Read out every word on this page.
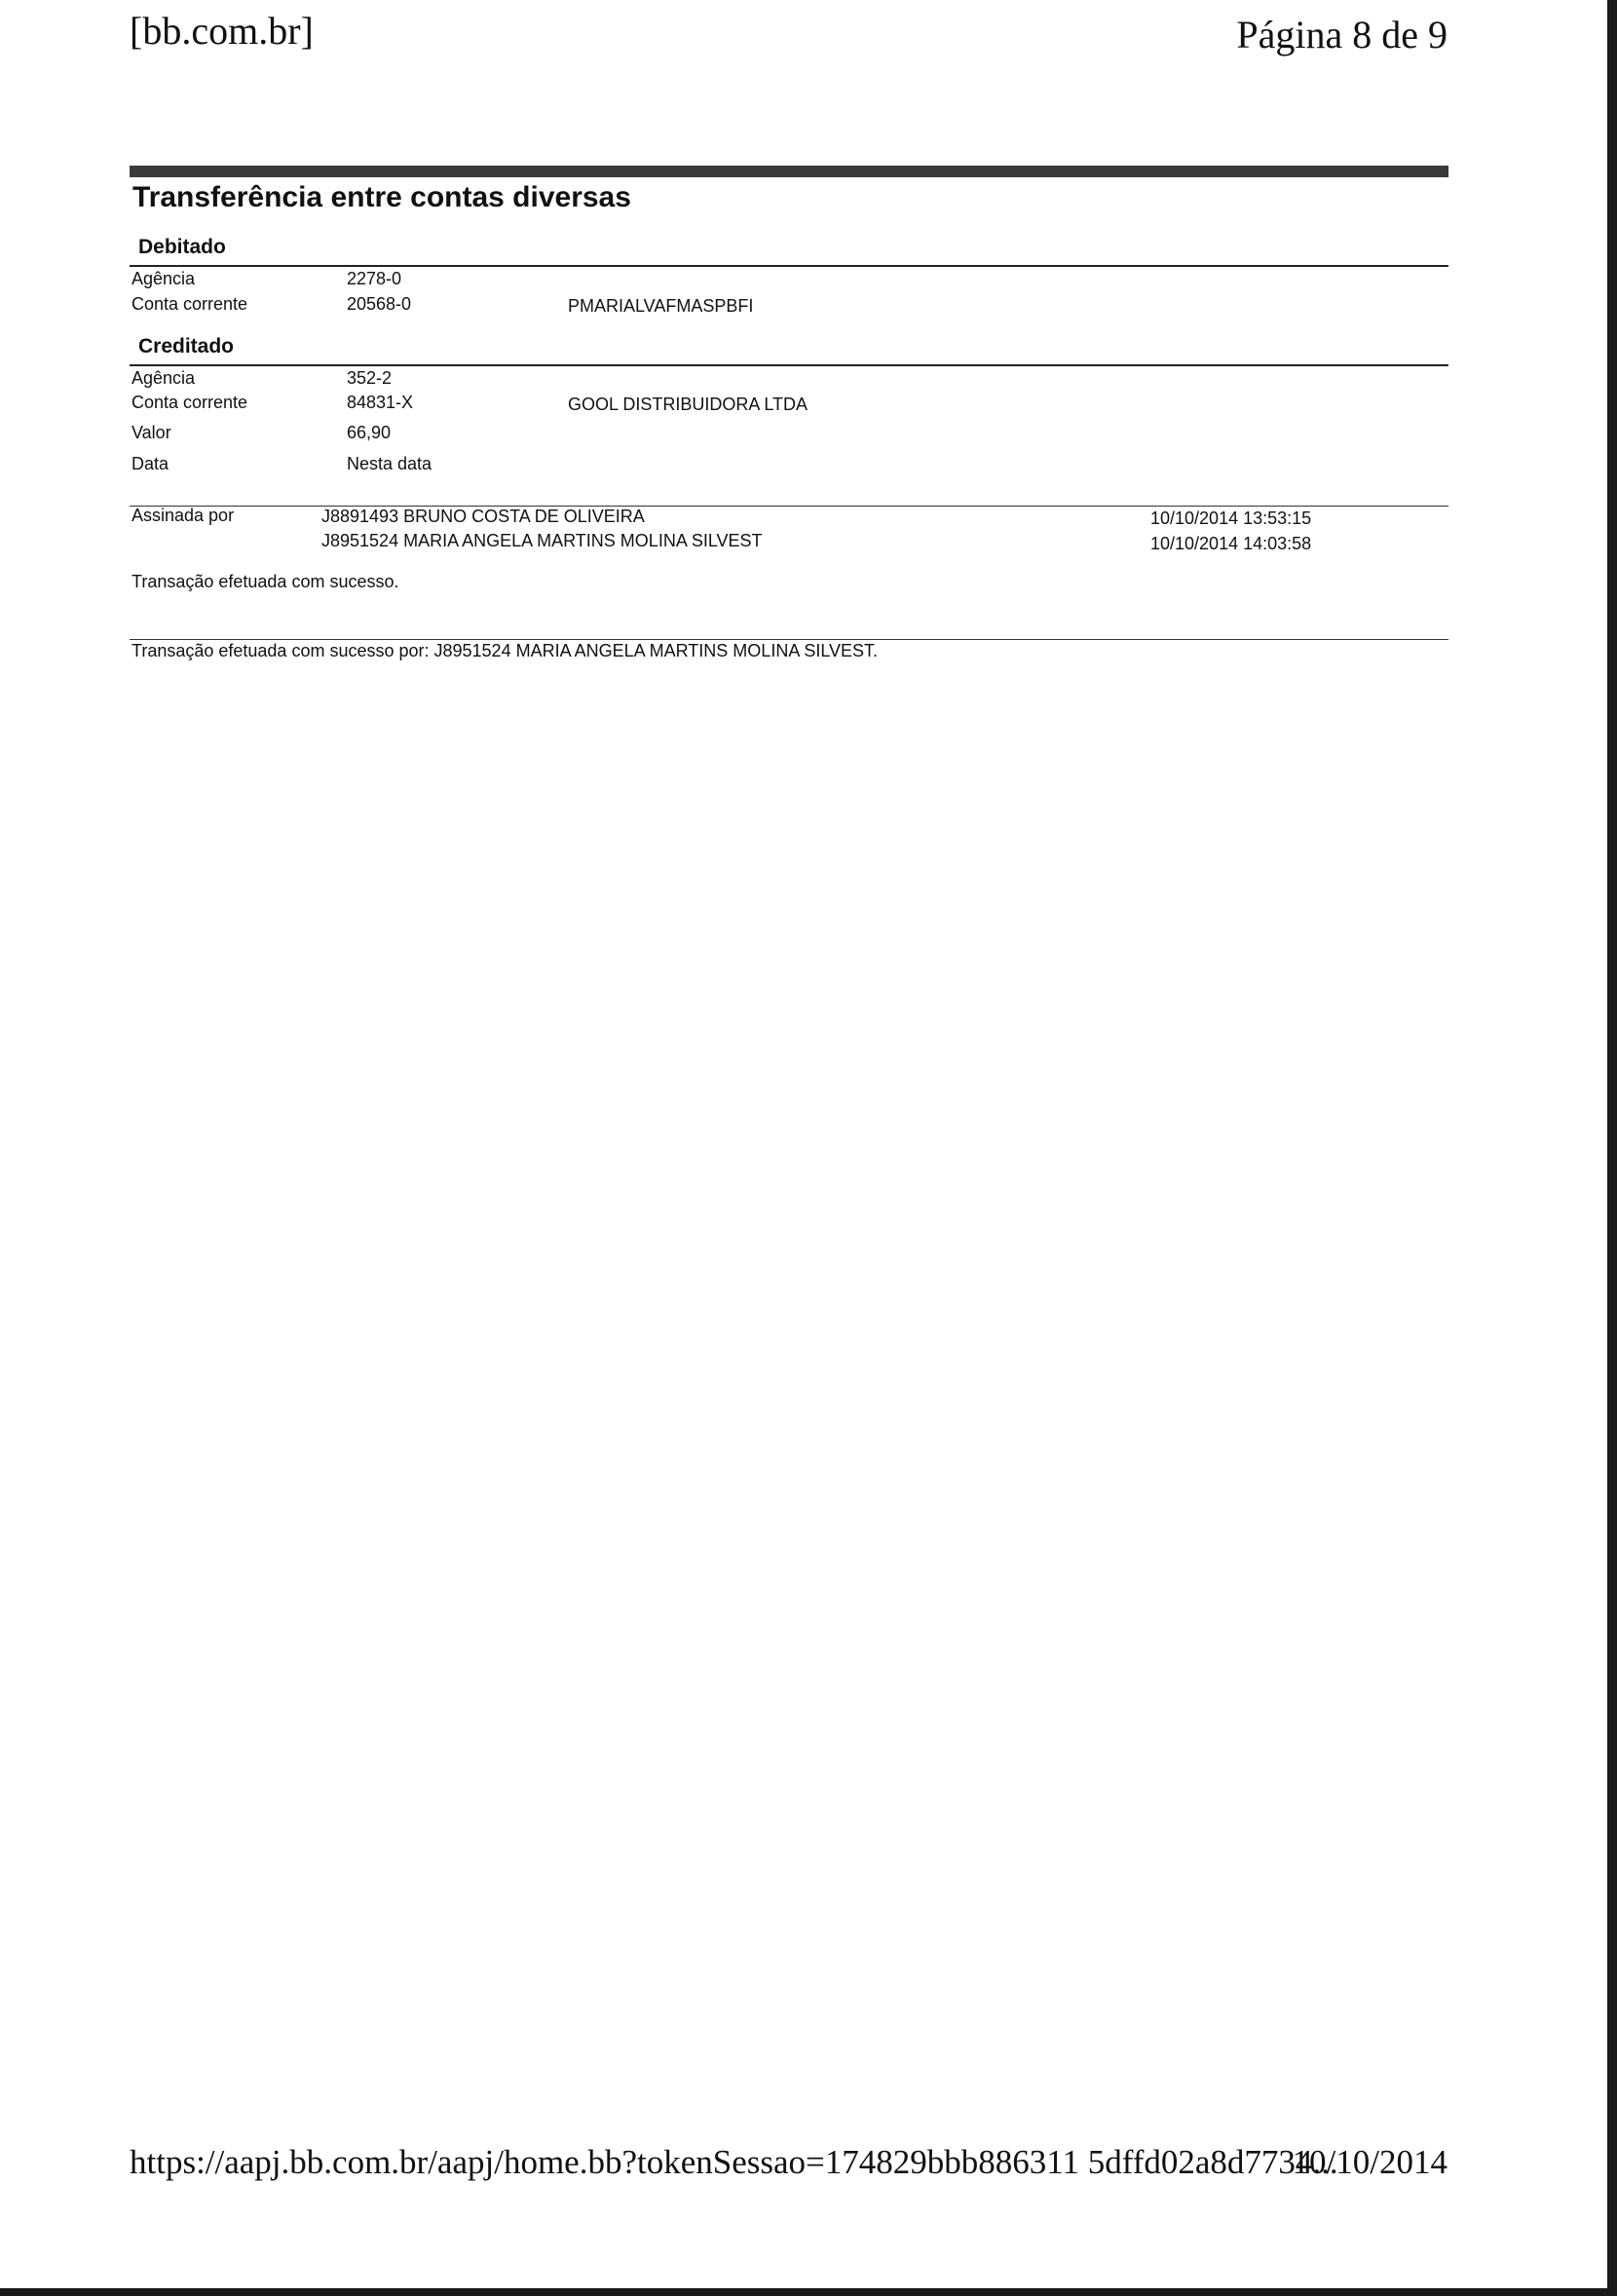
[bb.com.br]	Página 8 de 9
Transferência entre contas diversas
Debitado
Agência	2278-0
Conta corrente	20568-0	PMARIALVAFMASPBFI
Creditado
Agência	352-2
Conta corrente	84831-X	GOOL DISTRIBUIDORA LTDA
Valor	66,90
Data	Nesta data
Assinada por	J8891493 BRUNO COSTA DE OLIVEIRA	10/10/2014 13:53:15
J8951524 MARIA ANGELA MARTINS MOLINA SILVEST	10/10/2014 14:03:58
Transação efetuada com sucesso.
Transação efetuada com sucesso por: J8951524 MARIA ANGELA MARTINS MOLINA SILVEST.
https://aapj.bb.com.br/aapj/home.bb?tokenSessao=174829bbb886311 5dffd02a8d7734...
10/10/2014
